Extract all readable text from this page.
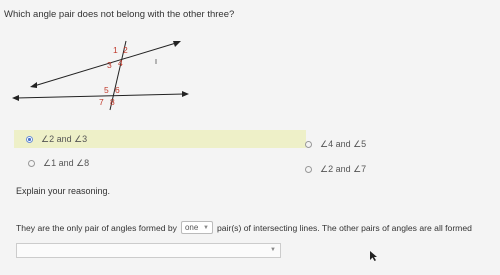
Which angle pair does not belong with the other three?
1 2
3 4
5 6
7 8
∠2 and ∠3	∠4 and ∠5
∠1 and ∠8
∠2 and ∠7
Explain your reasoning.
They are the only pair of angles formed by one ▼ pair(s) of intersecting lines. The other pairs of angles are all formed
▼
